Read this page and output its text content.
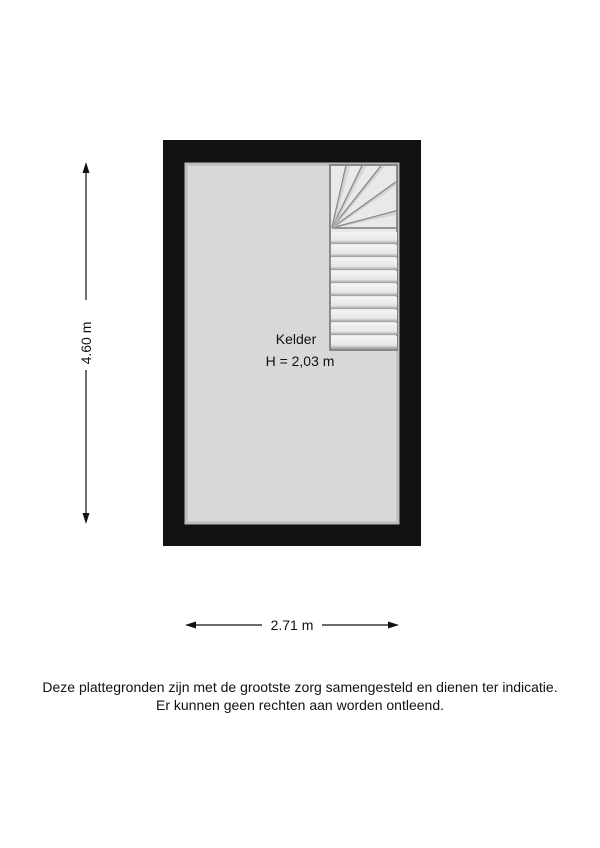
Kelder
H = 2,03 m
4.60 m
2.71 m
Deze plattegronden zijn met de grootste zorg samengesteld en dienen ter indicatie.
Er kunnen geen rechten aan worden ontleend.
